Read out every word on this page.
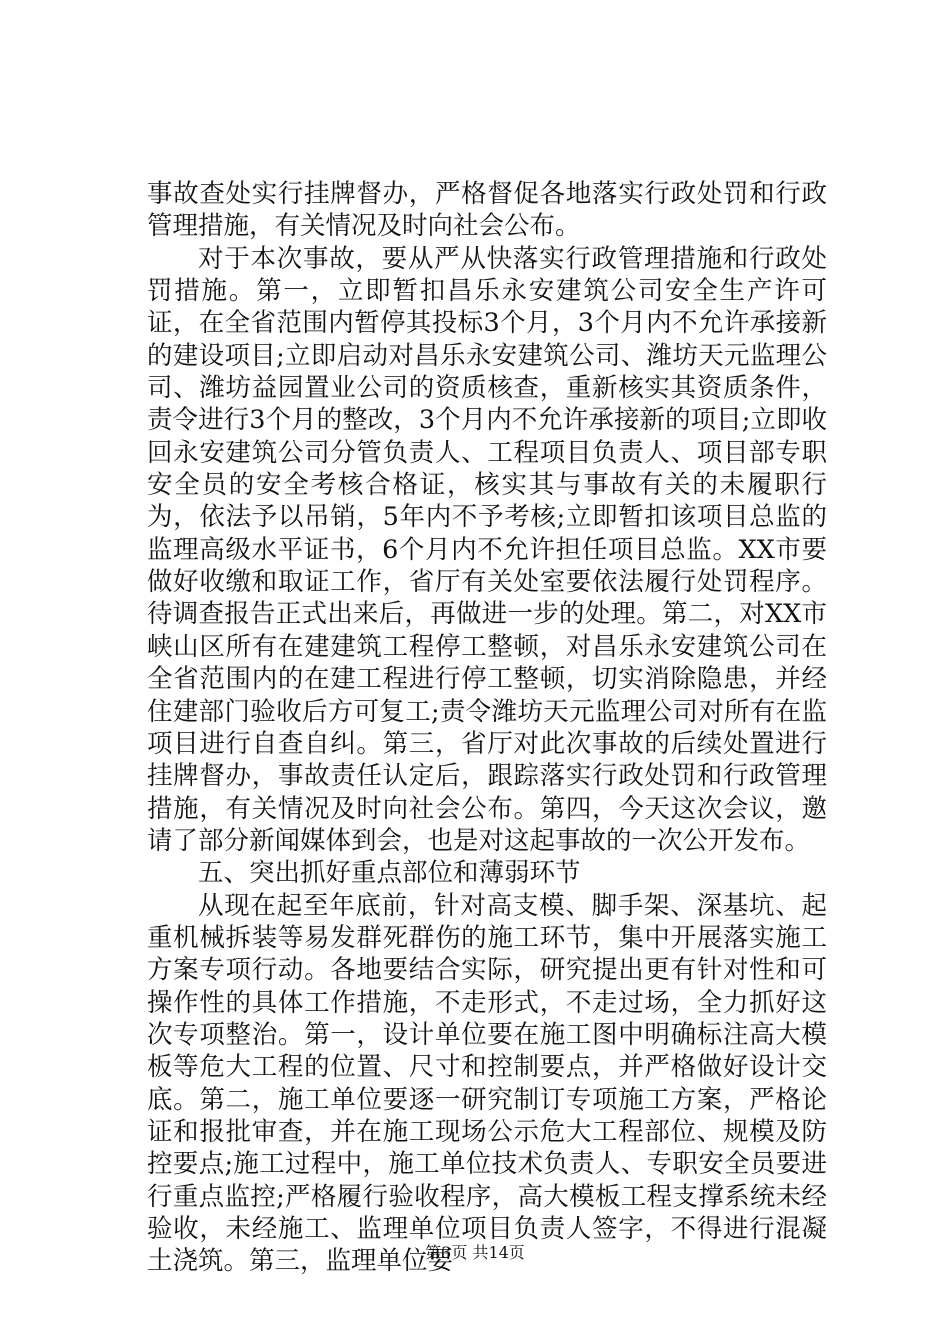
事故查处实行挂牌督办，严格督促各地落实行政处罚和行政管理措施，有关情况及时向社会公布。

对于本次事故，要从严从快落实行政管理措施和行政处罚措施。第一，立即暂扣昌乐永安建筑公司安全生产许可证，在全省范围内暂停其投标3个月，3个月内不允许承接新的建设项目;立即启动对昌乐永安建筑公司、潍坊天元监理公司、潍坊益园置业公司的资质核查，重新核实其资质条件，责令进行3个月的整改，3个月内不允许承接新的项目;立即收回永安建筑公司分管负责人、工程项目负责人、项目部专职安全员的安全考核合格证，核实其与事故有关的未履职行为，依法予以吊销，5年内不予考核;立即暂扣该项目总监的监理高级水平证书，6个月内不允许担任项目总监。XX市要做好收缴和取证工作，省厅有关处室要依法履行处罚程序。待调查报告正式出来后，再做进一步的处理。第二，对XX市峡山区所有在建建筑工程停工整顿，对昌乐永安建筑公司在全省范围内的在建工程进行停工整顿，切实消除隐患，并经住建部门验收后方可复工;责令潍坊天元监理公司对所有在监项目进行自查自纠。第三，省厅对此次事故的后续处置进行挂牌督办，事故责任认定后，跟踪落实行政处罚和行政管理措施，有关情况及时向社会公布。第四，今天这次会议，邀请了部分新闻媒体到会，也是对这起事故的一次公开发布。

五、突出抓好重点部位和薄弱环节

从现在起至年底前，针对高支模、脚手架、深基坑、起重机械拆装等易发群死群伤的施工环节，集中开展落实施工方案专项行动。各地要结合实际，研究提出更有针对性和可操作性的具体工作措施，不走形式，不走过场，全力抓好这次专项整治。第一，设计单位要在施工图中明确标注高大模板等危大工程的位置、尺寸和控制要点，并严格做好设计交底。第二，施工单位要逐一研究制订专项施工方案，严格论证和报批审查，并在施工现场公示危大工程部位、规模及防控要点;施工过程中，施工单位技术负责人、专职安全员要进行重点监控;严格履行验收程序，高大模板工程支撑系统未经验收，未经施工、监理单位项目负责人签字，不得进行混凝土浇筑。第三，监理单位要

第3页 共14页
